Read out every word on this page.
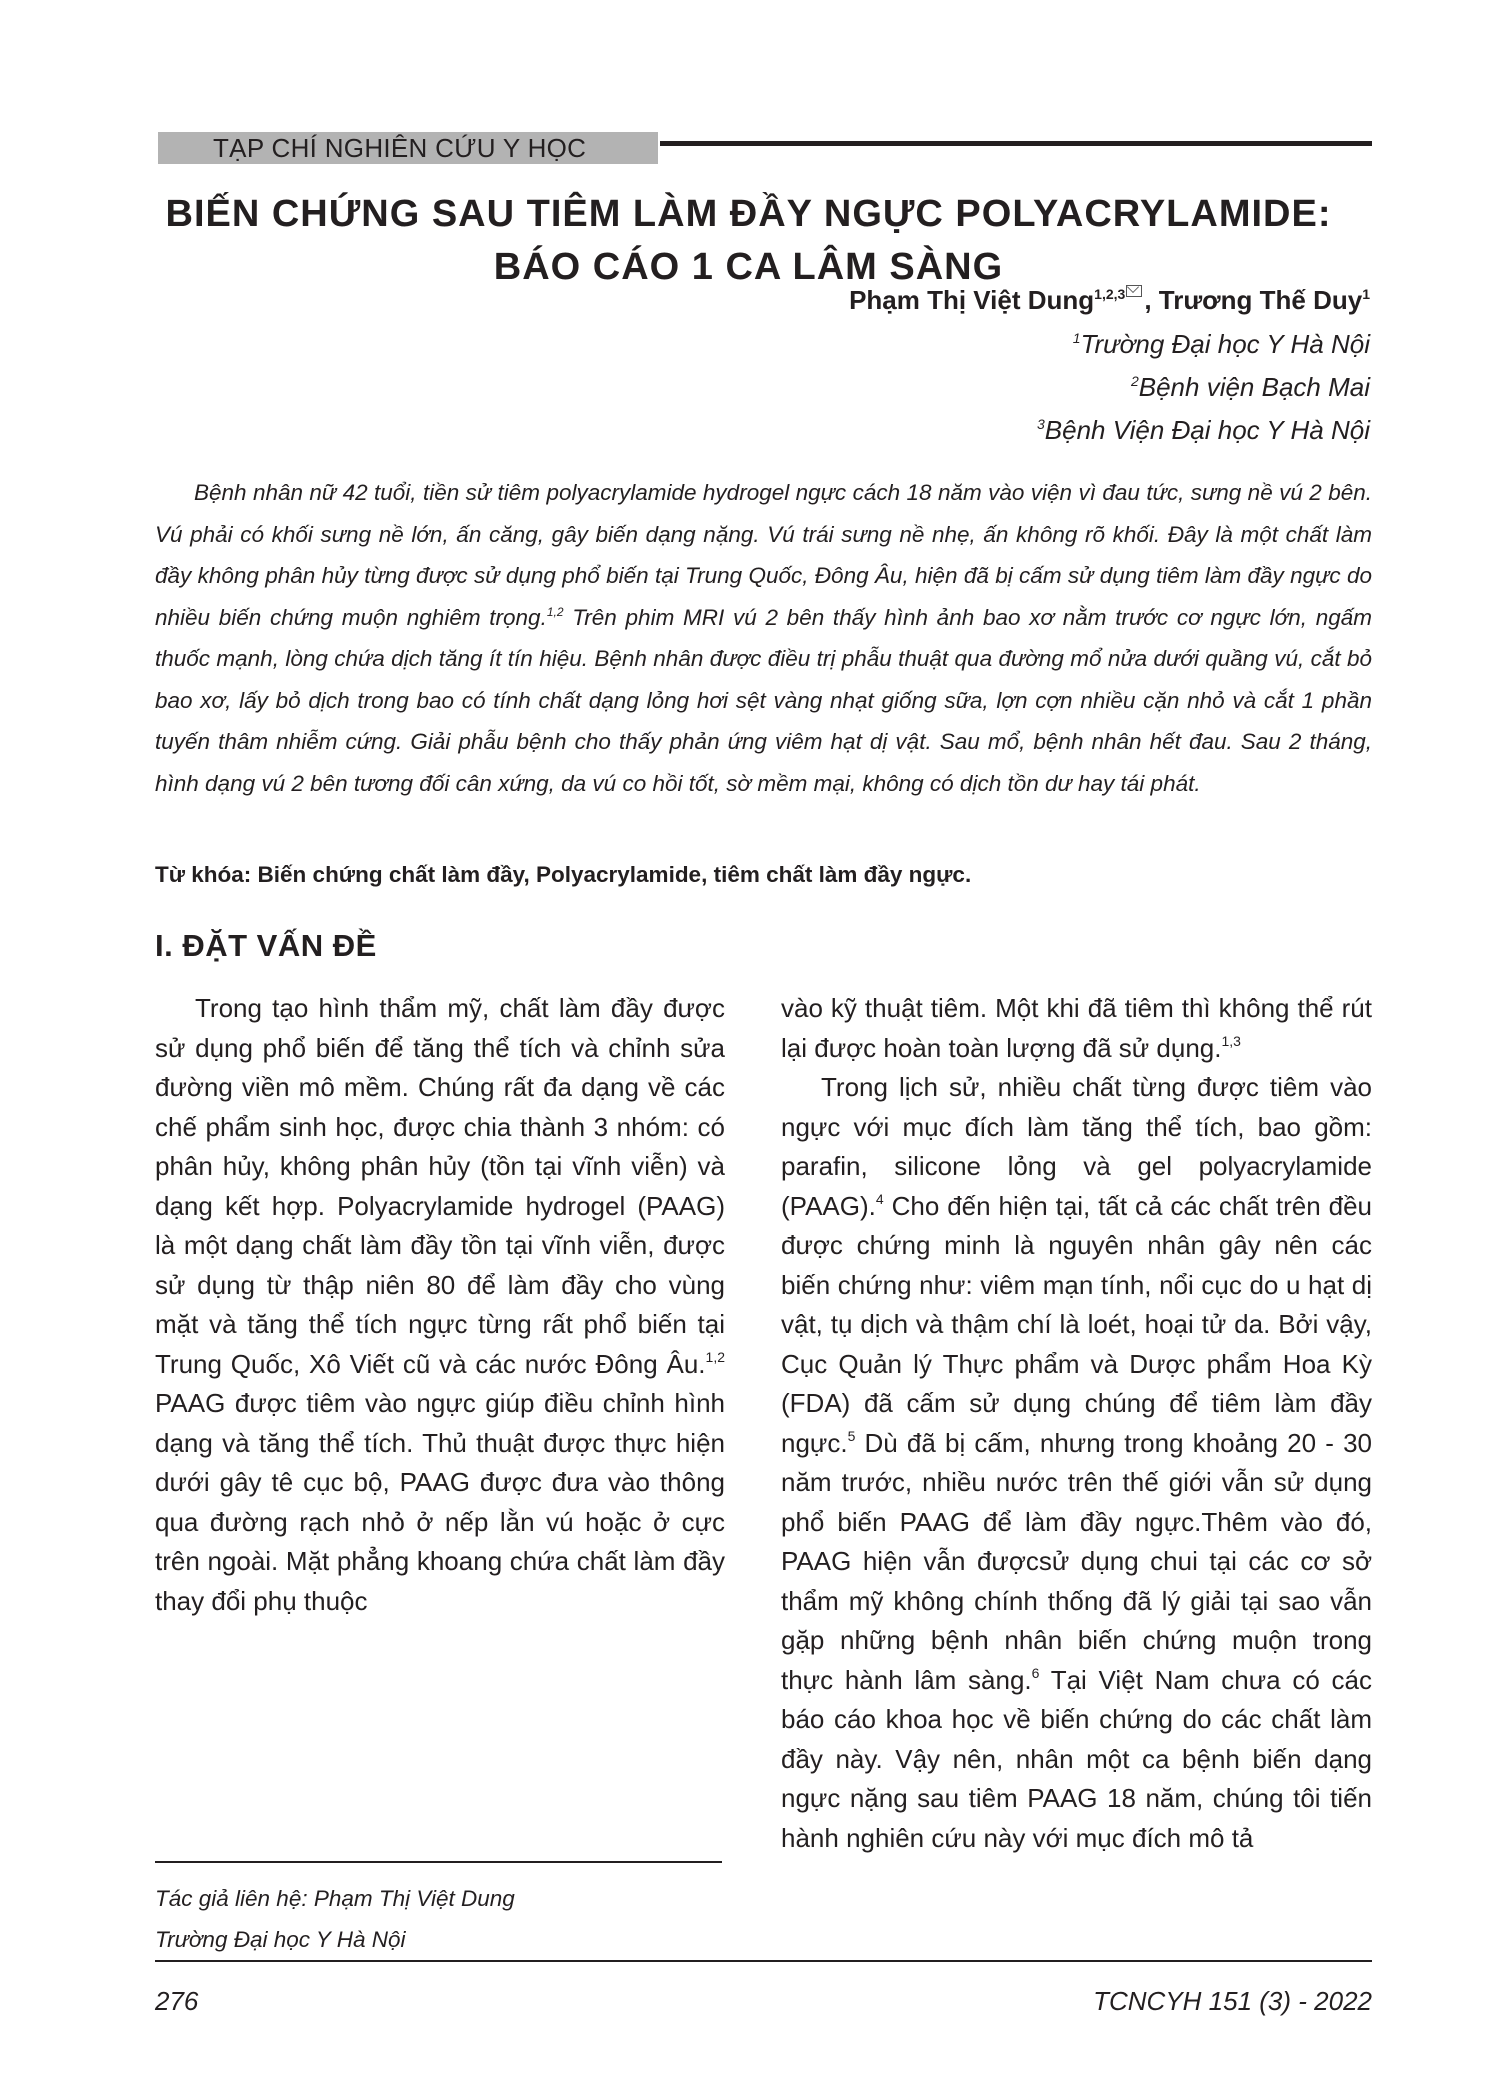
TẠP CHÍ NGHIÊN CỨU Y HỌC
BIẾN CHỨNG SAU TIÊM LÀM ĐẦY NGỰC POLYACRYLAMIDE:
BÁO CÁO 1 CA LÂM SÀNG
Phạm Thị Việt Dung$^{1,2,3}$ , Trương Thế Duy$^1$
$^1$Trường Đại học Y Hà Nội
$^2$Bệnh viện Bạch Mai
$^3$Bệnh Viện Đại học Y Hà Nội

Bệnh nhân nữ 42 tuổi, tiền sử tiêm polyacrylamide hydrogel ngực cách 18 năm vào viện vì đau tức, sưng nề vú 2 bên. Vú phải có khối sưng nề lớn, ấn căng, gây biến dạng nặng. Vú trái sưng nề nhẹ, ấn không rõ khối. Đây là một chất làm đầy không phân hủy từng được sử dụng phổ biến tại Trung Quốc, Đông Âu, hiện đã bị cấm sử dụng tiêm làm đầy ngực do nhiều biến chứng muộn nghiêm trọng.$^{1,2}$ Trên phim MRI vú 2 bên thấy hình ảnh bao xơ nằm trước cơ ngực lớn, ngấm thuốc mạnh, lòng chứa dịch tăng ít tín hiệu. Bệnh nhân được điều trị phẫu thuật qua đường mổ nửa dưới quầng vú, cắt bỏ bao xơ, lấy bỏ dịch trong bao có tính chất dạng lỏng hơi sệt vàng nhạt giống sữa, lợn cợn nhiều cặn nhỏ và cắt 1 phần tuyến thâm nhiễm cứng. Giải phẫu bệnh cho thấy phản ứng viêm hạt dị vật. Sau mổ, bệnh nhân hết đau. Sau 2 tháng, hình dạng vú 2 bên tương đối cân xứng, da vú co hồi tốt, sờ mềm mại, không có dịch tồn dư hay tái phát.

Từ khóa: Biến chứng chất làm đầy, Polyacrylamide, tiêm chất làm đầy ngực.
I. ĐẶT VẤN ĐỀ

Trong tạo hình thẩm mỹ, chất làm đầy được sử dụng phổ biến để tăng thể tích và chỉnh sửa đường viền mô mềm. Chúng rất đa dạng về các chế phẩm sinh học, được chia thành 3 nhóm: có phân hủy, không phân hủy (tồn tại vĩnh viễn) và dạng kết hợp. Polyacrylamide hydrogel (PAAG) là một dạng chất làm đầy tồn tại vĩnh viễn, được sử dụng từ thập niên 80 để làm đầy cho vùng mặt và tăng thể tích ngực từng rất phổ biến tại Trung Quốc, Xô Viết cũ và các nước Đông Âu.$^{1,2}$ PAAG được tiêm vào ngực giúp điều chỉnh hình dạng và tăng thể tích. Thủ thuật được thực hiện dưới gây tê cục bộ, PAAG được đưa vào thông qua đường rạch nhỏ ở nếp lằn vú hoặc ở cực trên ngoài. Mặt phẳng khoang chứa chất làm đầy thay đổi phụ thuộc

Tác giả liên hệ: Phạm Thị Việt Dung
Trường Đại học Y Hà Nội

vào kỹ thuật tiêm. Một khi đã tiêm thì không thể rút lại được hoàn toàn lượng đã sử dụng.$^{1,3}$

Trong lịch sử, nhiều chất từng được tiêm vào ngực với mục đích làm tăng thể tích, bao gồm: parafin, silicone lỏng và gel polyacrylamide (PAAG).$^4$ Cho đến hiện tại, tất cả các chất trên đều được chứng minh là nguyên nhân gây nên các biến chứng như: viêm mạn tính, nổi cục do u hạt dị vật, tụ dịch và thậm chí là loét, hoại tử da. Bởi vậy, Cục Quản lý Thực phẩm và Dược phẩm Hoa Kỳ (FDA) đã cấm sử dụng chúng để tiêm làm đầy ngực.$^5$ Dù đã bị cấm, nhưng trong khoảng 20 - 30 năm trước, nhiều nước trên thế giới vẫn sử dụng phổ biến PAAG để làm đầy ngực.Thêm vào đó, PAAG hiện vẫn đượcsử dụng chui tại các cơ sở thẩm mỹ không chính thống đã lý giải tại sao vẫn gặp những bệnh nhân biến chứng muộn trong thực hành lâm sàng.$^6$ Tại Việt Nam chưa có các báo cáo khoa học về biến chứng do các chất làm đầy này. Vậy nên, nhân một ca bệnh biến dạng ngực nặng sau tiêm PAAG 18 năm, chúng tôi tiến hành nghiên cứu này với mục đích mô tả

276	TCNCYH 151 (3) - 2022
